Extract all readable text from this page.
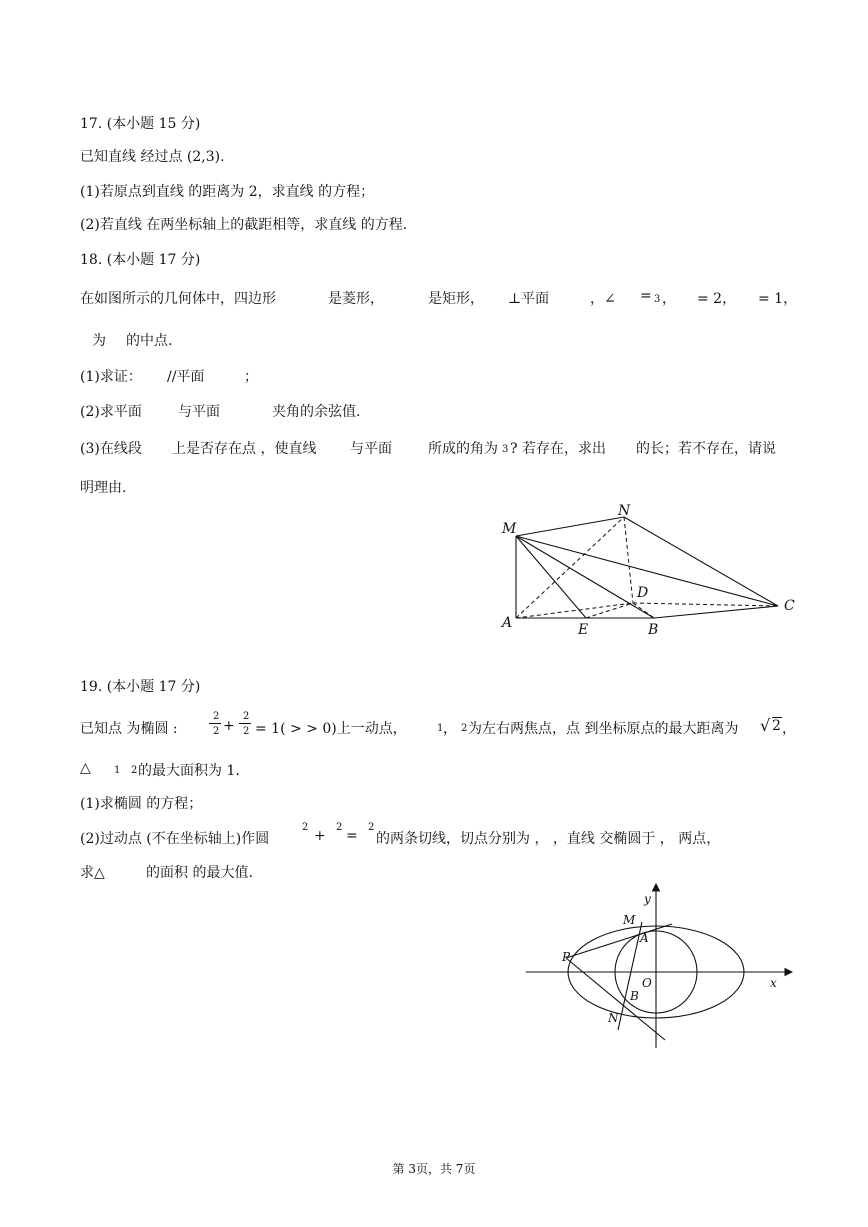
17. (本小题 15 分)
已知直线 经过点 (2,3).
(1)若原点到直线 的距离为 2，求直线 的方程；
(2)若直线 在两坐标轴上的截距相等，求直线 的方程.
18. (本小题 17 分)
在如图所示的几何体中，四边形	是菱形，	是矩形， ⊥平面	，∠ = 3 ， = 2， = 1，
为 的中点.
(1)求证： //平面	；
(2)求平面	与平面	夹角的余弦值.
(3)在线段 上是否存在点 ，使直线 与平面	所成的角为 3 ? 若存在，求出 的长；若不存在，请说
明理由.
M
N
D
C
A	E	B
19. (本小题 17 分)
已知点 为椭圆 :
2
2 +
2
2 = 1( > > 0)上一动点，	1 ， 2 为左右两焦点，点 到坐标原点的最大距离为 √ 2 ，
△ 1 2 的最大面积为 1.
(1)求椭圆 的方程；
(2)过动点 (不在坐标轴上)作圆
2
+
2
=
2
的两条切线，切点分别为 ， ，直线 交椭圆于 ， 两点，
求△	的面积 的最大值.
y
x
M
A
P
O
B
N
第 3页，共 7页
